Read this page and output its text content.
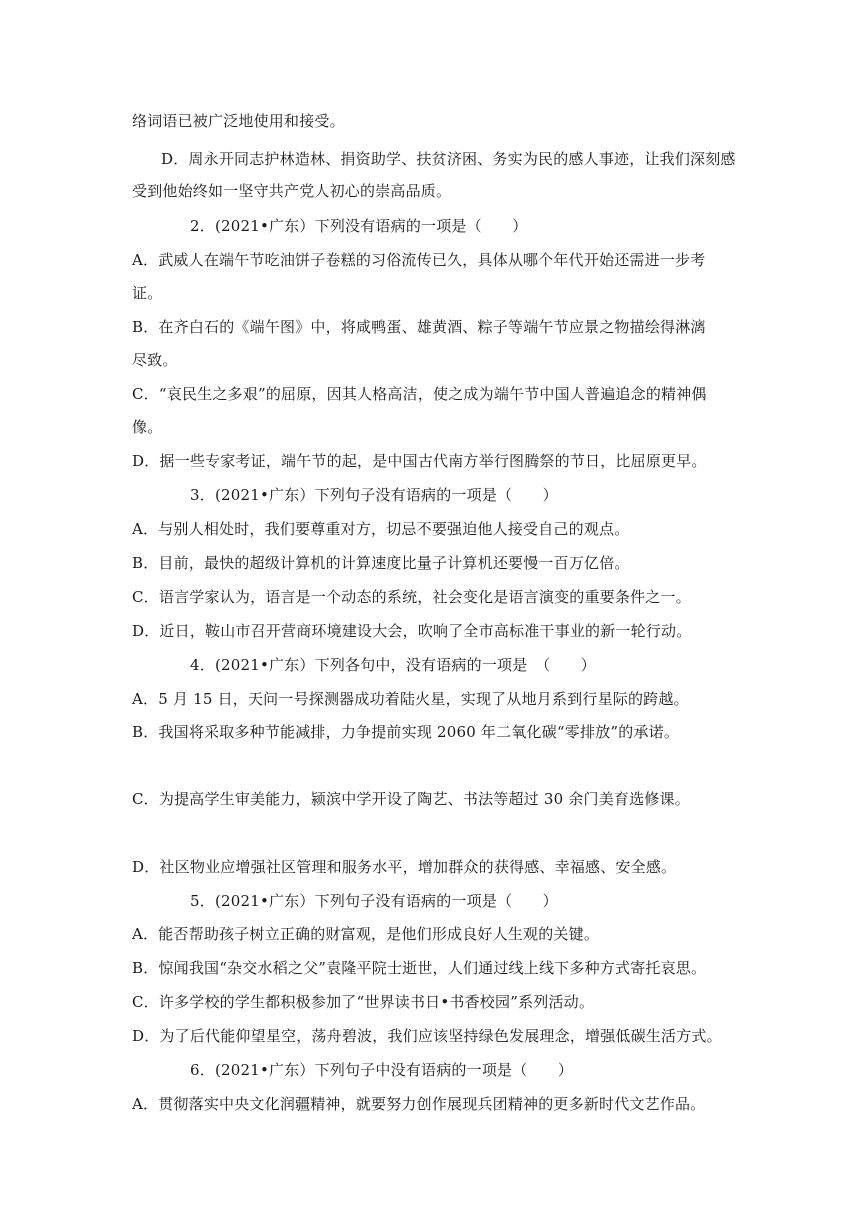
络词语已被广泛地使用和接受。
D．周永开同志护林造林、捐资助学、扶贫济困、务实为民的感人事迹，让我们深刻感
受到他始终如一坚守共产党人初心的崇高品质。
2．(2021•广东）下列没有语病的一项是（　　）
A．武威人在端午节吃油饼子卷糕的习俗流传已久，具体从哪个年代开始还需进一步考
证。
B．在齐白石的《端午图》中，将咸鸭蛋、雄黄酒、粽子等端午节应景之物描绘得淋漓
尽致。
C．“哀民生之多艰”的屈原，因其人格高洁，使之成为端午节中国人普遍追念的精神偶
像。
D．据一些专家考证，端午节的起，是中国古代南方举行图腾祭的节日，比屈原更早。
3．(2021•广东）下列句子没有语病的一项是（　　）
A．与别人相处时，我们要尊重对方，切忌不要强迫他人接受自己的观点。
B．目前，最快的超级计算机的计算速度比量子计算机还要慢一百万亿倍。
C．语言学家认为，语言是一个动态的系统，社会变化是语言演变的重要条件之一。
D．近日，鞍山市召开营商环境建设大会，吹响了全市高标准干事业的新一轮行动。
4．(2021•广东）下列各句中，没有语病的一项是　（　　）
A．5 月 15 日，天问一号探测器成功着陆火星，实现了从地月系到行星际的跨越。
B．我国将采取多种节能减排，力争提前实现 2060 年二氧化碳“零排放”的承诺。
C．为提高学生审美能力，颍滨中学开设了陶艺、书法等超过 30 余门美育选修课。
D．社区物业应增强社区管理和服务水平，增加群众的获得感、幸福感、安全感。
5．(2021•广东）下列句子没有语病的一项是（　　）
A．能否帮助孩子树立正确的财富观，是他们形成良好人生观的关键。
B．惊闻我国“杂交水稻之父”袁隆平院士逝世，人们通过线上线下多种方式寄托哀思。
C．许多学校的学生都积极参加了“世界读书日•书香校园”系列活动。
D．为了后代能仰望星空，荡舟碧波，我们应该坚持绿色发展理念，增强低碳生活方式。
6．(2021•广东）下列句子中没有语病的一项是（　　）
A．贯彻落实中央文化润疆精神，就要努力创作展现兵团精神的更多新时代文艺作品。
